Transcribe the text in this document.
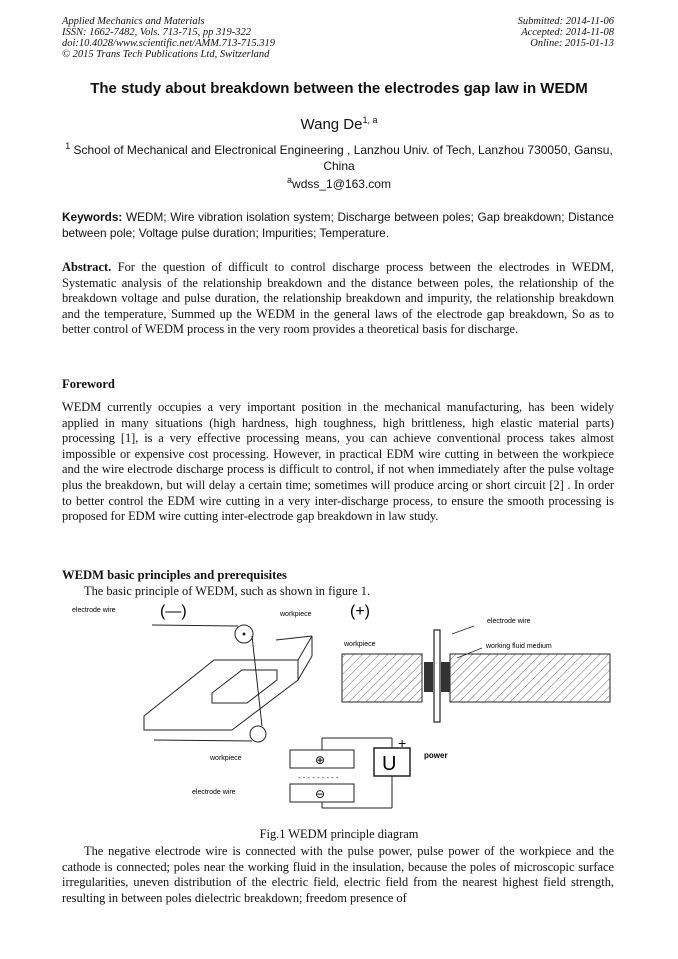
Applied Mechanics and Materials
ISSN: 1662-7482, Vols. 713-715, pp 319-322
doi:10.4028/www.scientific.net/AMM.713-715.319
© 2015 Trans Tech Publications Ltd, Switzerland
Submitted: 2014-11-06
Accepted: 2014-11-08
Online: 2015-01-13
The study about breakdown between the electrodes gap law in WEDM
Wang De$^{1, a}$
$^1$ School of Mechanical and Electronical Engineering , Lanzhou Univ. of Tech, Lanzhou 730050, Gansu, China
$^a$wdss_1@163.com
Keywords: WEDM; Wire vibration isolation system; Discharge between poles; Gap breakdown; Distance between pole; Voltage pulse duration; Impurities; Temperature.
Abstract. For the question of difficult to control discharge process between the electrodes in WEDM, Systematic analysis of the relationship breakdown and the distance between poles, the relationship of the breakdown voltage and pulse duration, the relationship breakdown and impurity, the relationship breakdown and the temperature, Summed up the WEDM in the general laws of the electrode gap breakdown, So as to better control of WEDM process in the very room provides a theoretical basis for discharge.
Foreword
WEDM currently occupies a very important position in the mechanical manufacturing, has been widely applied in many situations (high hardness, high toughness, high brittleness, high elastic material parts) processing [1], is a very effective processing means, you can achieve conventional process takes almost impossible or expensive cost processing. However, in practical EDM wire cutting in between the workpiece and the wire electrode discharge process is difficult to control, if not when immediately after the pulse voltage plus the breakdown, but will delay a certain time; sometimes will produce arcing or short circuit [2] . In order to better control the EDM wire cutting in a very inter-discharge process, to ensure the smooth processing is proposed for EDM wire cutting inter-electrode gap breakdown in law study.
WEDM basic principles and prerequisites
The basic principle of WEDM, such as shown in figure 1.
electrode wire	(—)	workpiece (+)
electrode wire
workpiece	working fluid medium
workpiece	⊕
- - - - - - - - -
⊖
electrode wire
U
+
power
Fig.1 WEDM principle diagram
The negative electrode wire is connected with the pulse power, pulse power of the workpiece and the cathode is connected; poles near the working fluid in the insulation, because the poles of microscopic surface irregularities, uneven distribution of the electric field, electric field from the nearest highest field strength, resulting in between poles dielectric breakdown; freedom presence of
